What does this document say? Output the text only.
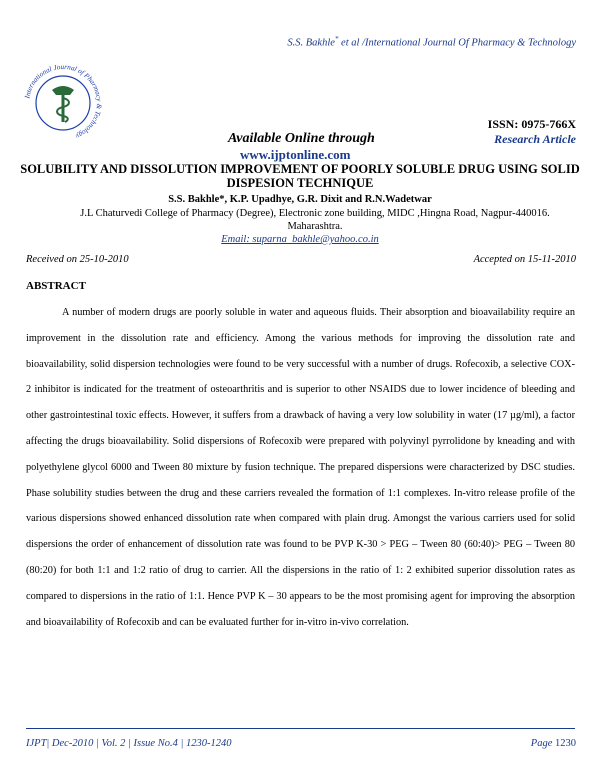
S.S. Bakhle* et al /International Journal Of Pharmacy & Technology
International Journal of Pharmacy & Technology
ISSN: 0975-766X
Research Article
Available Online through
www.ijptonline.com
SOLUBILITY AND DISSOLUTION IMPROVEMENT OF POORLY SOLUBLE DRUG USING SOLID DISPESION TECHNIQUE
S.S. Bakhle*, K.P. Upadhye, G.R. Dixit and R.N.Wadetwar
J.L Chaturvedi College of Pharmacy (Degree), Electronic zone building, MIDC ,Hingna Road, Nagpur-440016. Maharashtra.
Email: suparna_bakhle@yahoo.co.in
Received on 25-10-2010	Accepted on 15-11-2010
ABSTRACT
A number of modern drugs are poorly soluble in water and aqueous fluids. Their absorption and bioavailability require an improvement in the dissolution rate and efficiency. Among the various methods for improving the dissolution rate and bioavailability, solid dispersion technologies were found to be very successful with a number of drugs. Rofecoxib, a selective COX-2 inhibitor is indicated for the treatment of osteoarthritis and is superior to other NSAIDS due to lower incidence of bleeding and other gastrointestinal toxic effects. However, it suffers from a drawback of having a very low solubility in water (17 µg/ml), a factor affecting the drugs bioavailability. Solid dispersions of Rofecoxib were prepared with polyvinyl pyrrolidone by kneading and with polyethylene glycol 6000 and Tween 80 mixture by fusion technique. The prepared dispersions were characterized by DSC studies. Phase solubility studies between the drug and these carriers revealed the formation of 1:1 complexes. In-vitro release profile of the various dispersions showed enhanced dissolution rate when compared with plain drug. Amongst the various carriers used for solid dispersions the order of enhancement of dissolution rate was found to be PVP K-30 > PEG – Tween 80 (60:40)> PEG – Tween 80 (80:20) for both 1:1 and 1:2 ratio of drug to carrier. All the dispersions in the ratio of 1: 2 exhibited superior dissolution rates as compared to dispersions in the ratio of 1:1. Hence PVP K – 30 appears to be the most promising agent for improving the absorption and bioavailability of Rofecoxib and can be evaluated further for in-vitro in-vivo correlation.
IJPT| Dec-2010 | Vol. 2 | Issue No.4 | 1230-1240	Page 1230
